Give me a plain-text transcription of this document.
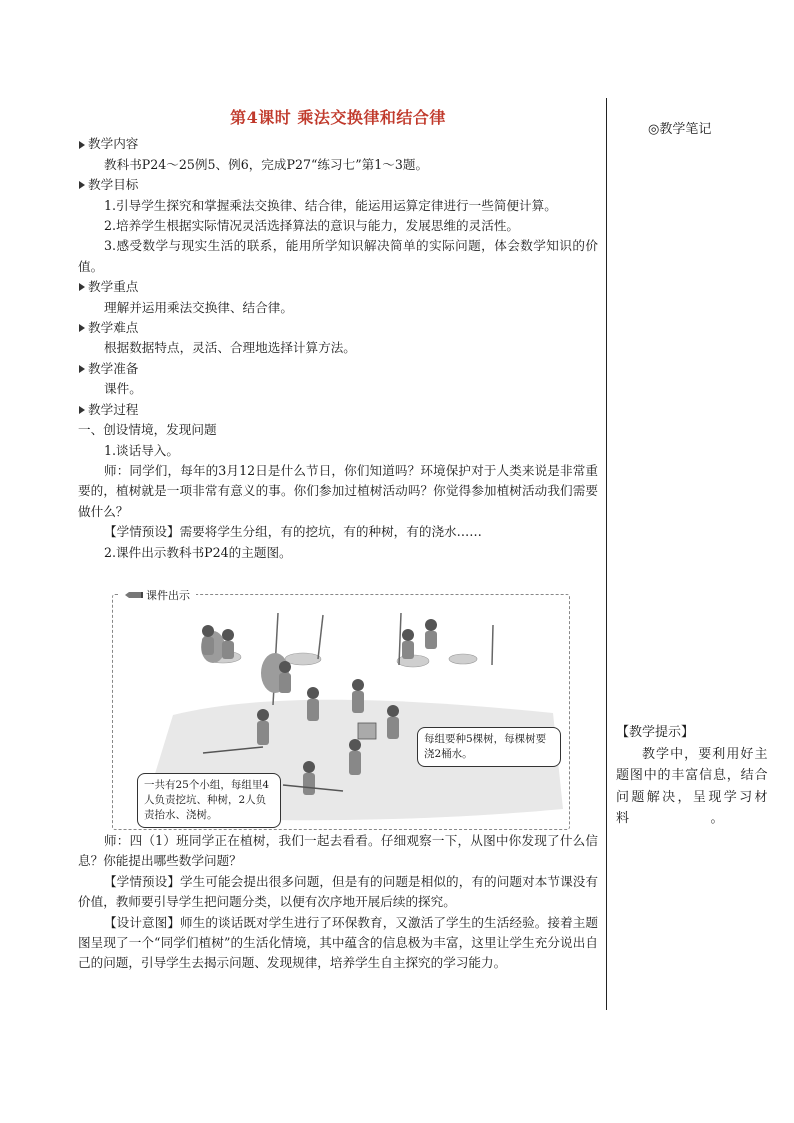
◎教学笔记
第4课时 乘法交换律和结合律
教学内容
教科书P24～25例5、例6，完成P27“练习七”第1～3题。
教学目标
1.引导学生探究和掌握乘法交换律、结合律，能运用运算定律进行一些简便计算。
2.培养学生根据实际情况灵活选择算法的意识与能力，发展思维的灵活性。
3.感受数学与现实生活的联系，能用所学知识解决简单的实际问题，体会数学知识的价值。
教学重点
理解并运用乘法交换律、结合律。
教学难点
根据数据特点，灵活、合理地选择计算方法。
教学准备
课件。
教学过程
一、创设情境，发现问题
1.谈话导入。
师：同学们，每年的3月12日是什么节日，你们知道吗？环境保护对于人类来说是非常重要的，植树就是一项非常有意义的事。你们参加过植树活动吗？你觉得参加植树活动我们需要做什么？
【学情预设】需要将学生分组，有的挖坑，有的种树，有的浇水……
2.课件出示教科书P24的主题图。
师：四（1）班同学正在植树，我们一起去看看。仔细观察一下，从图中你发现了什么信息？你能提出哪些数学问题？
【学情预设】学生可能会提出很多问题，但是有的问题是相似的，有的问题对本节课没有价值，教师要引导学生把问题分类，以便有次序地开展后续的探究。
【设计意图】师生的谈话既对学生进行了环保教育，又激活了学生的生活经验。接着主题图呈现了一个“同学们植树”的生活化情境，其中蕴含的信息极为丰富，这里让学生充分说出自己的问题，引导学生去揭示问题、发现规律，培养学生自主探究的学习能力。
课件出示
每组要种5棵树，每棵树要浇2桶水。
一共有25个小组，每组里4人负责挖坑、种树，2人负责抬水、浇树。
【教学提示】
教学中，要利用好主题图中的丰富信息，结合问题解决，呈现学习材料　　　　　　。
